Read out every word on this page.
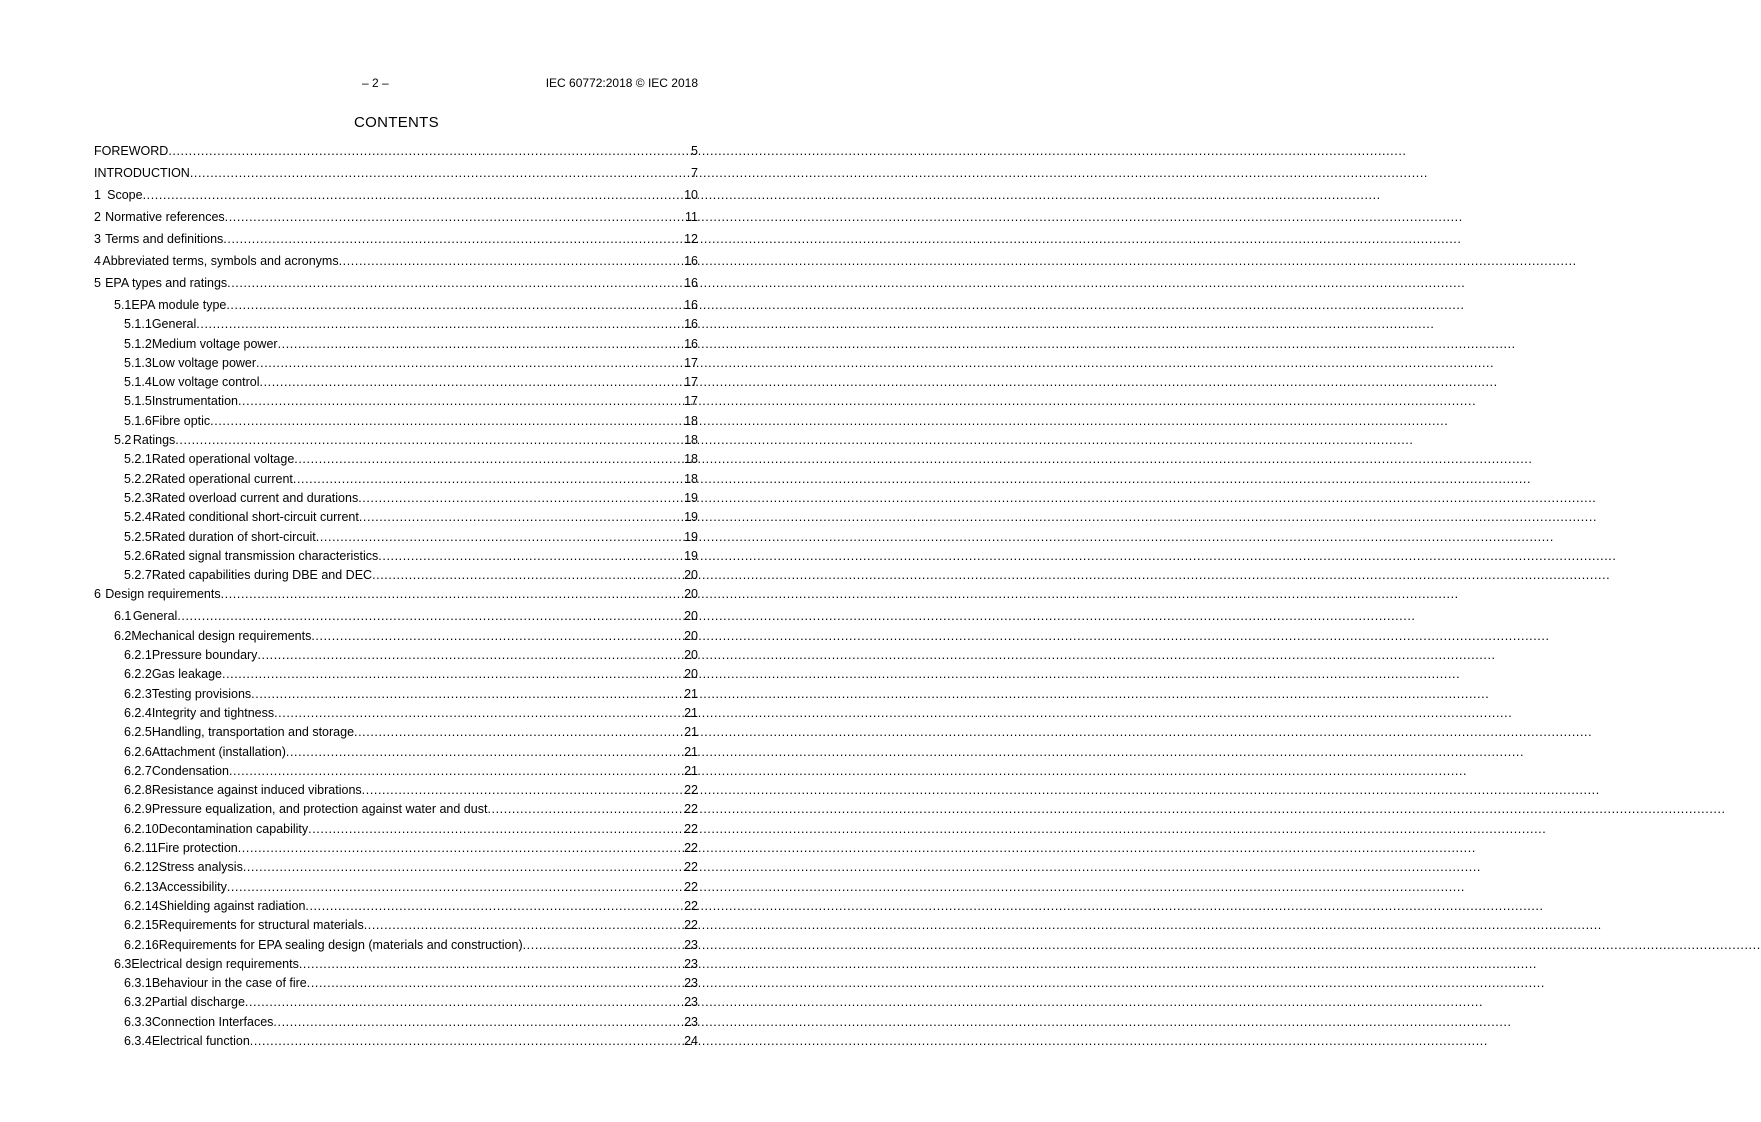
– 2 –	IEC 60772:2018 © IEC 2018
CONTENTS
FOREWORD .....	5
INTRODUCTION .....	7
1 Scope .....	10
2 Normative references .....	11
3 Terms and definitions .....	12
4 Abbreviated terms, symbols and acronyms .....	16
5 EPA types and ratings .....	16
5.1 EPA module type .....	16
5.1.1 General .....	16
5.1.2 Medium voltage power .....	16
5.1.3 Low voltage power .....	17
5.1.4 Low voltage control .....	17
5.1.5 Instrumentation .....	17
5.1.6 Fibre optic .....	18
5.2 Ratings .....	18
5.2.1 Rated operational voltage .....	18
5.2.2 Rated operational current .....	18
5.2.3 Rated overload current and durations .....	19
5.2.4 Rated conditional short-circuit current .....	19
5.2.5 Rated duration of short-circuit .....	19
5.2.6 Rated signal transmission characteristics .....	19
5.2.7 Rated capabilities during DBE and DEC .....	20
6 Design requirements .....	20
6.1 General .....	20
6.2 Mechanical design requirements .....	20
6.2.1 Pressure boundary .....	20
6.2.2 Gas leakage .....	20
6.2.3 Testing provisions .....	21
6.2.4 Integrity and tightness .....	21
6.2.5 Handling, transportation and storage .....	21
6.2.6 Attachment (installation) .....	21
6.2.7 Condensation .....	21
6.2.8 Resistance against induced vibrations .....	22
6.2.9 Pressure equalization, and protection against water and dust .....	22
6.2.10 Decontamination capability .....	22
6.2.11 Fire protection .....	22
6.2.12 Stress analysis .....	22
6.2.13 Accessibility .....	22
6.2.14 Shielding against radiation .....	22
6.2.15 Requirements for structural materials .....	22
6.2.16 Requirements for EPA sealing design (materials and construction) .....	23
6.3 Electrical design requirements .....	23
6.3.1 Behaviour in the case of fire .....	23
6.3.2 Partial discharge .....	23
6.3.3 Connection Interfaces .....	23
6.3.4 Electrical function .....	24
